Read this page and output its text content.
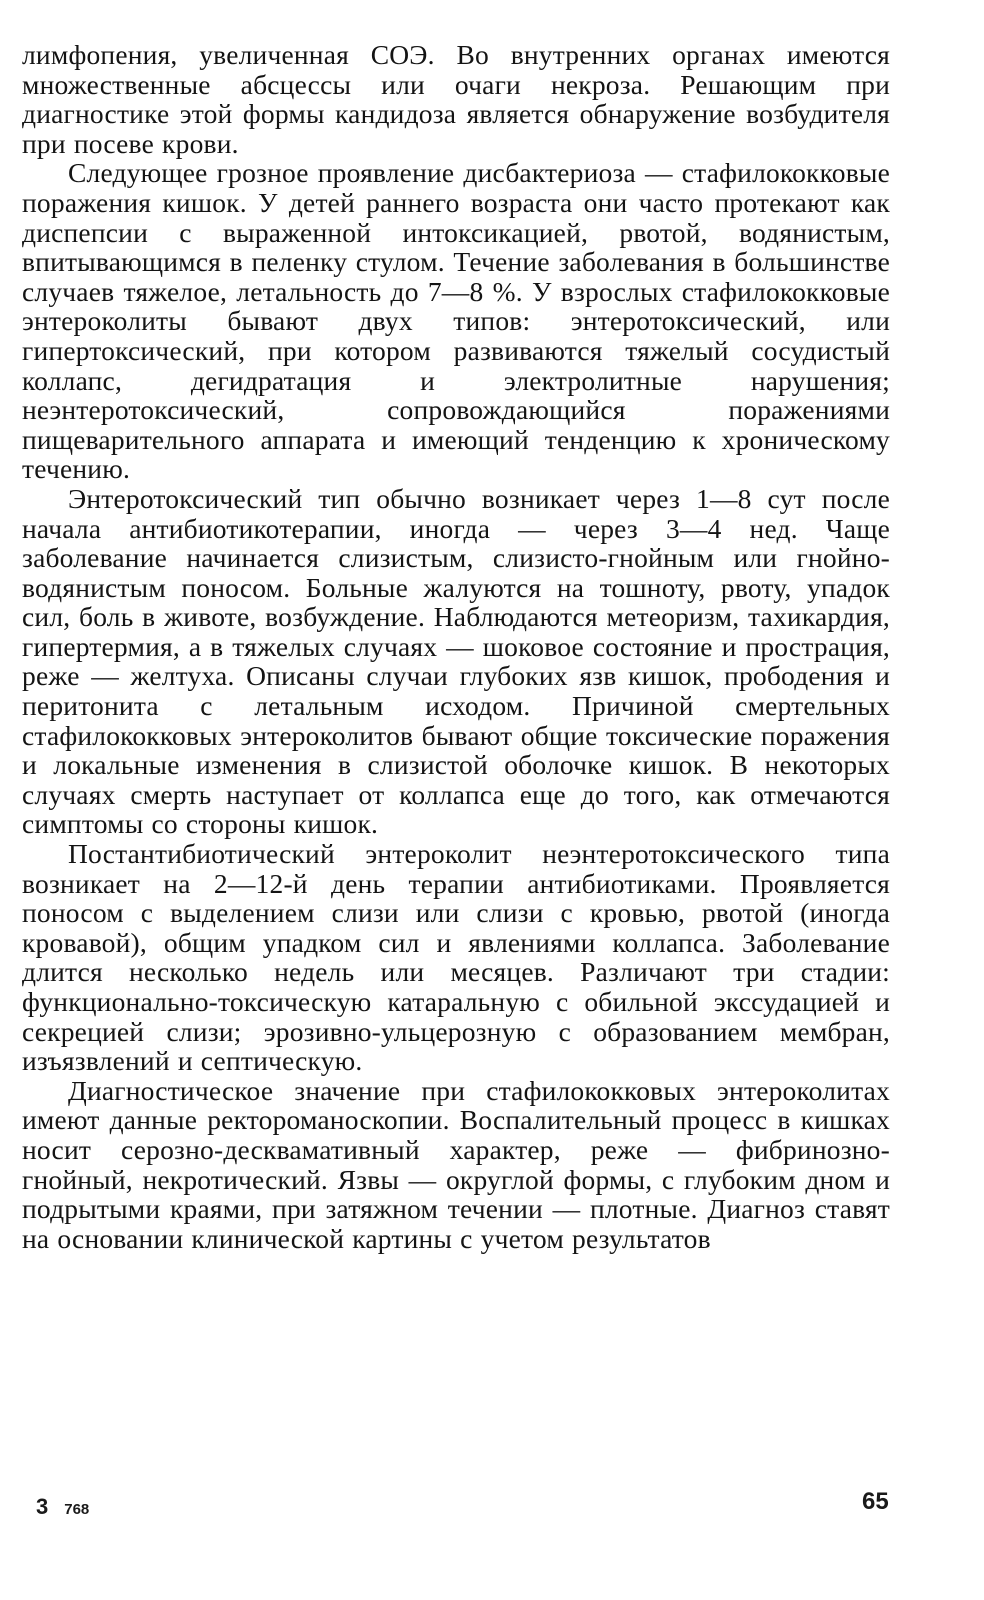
лимфопения, увеличенная СОЭ. Во внутренних органах имеются множественные абсцессы или очаги некроза. Решающим при диагностике этой формы кандидоза является обнаружение возбудителя при посеве крови.

Следующее грозное проявление дисбактериоза — стафилококковые поражения кишок. У детей раннего возраста они часто протекают как диспепсии с выраженной интоксикацией, рвотой, водянистым, впитывающимся в пеленку стулом. Течение заболевания в большинстве случаев тяжелое, летальность до 7—8 %. У взрослых стафилококковые энтероколиты бывают двух типов: энтеротоксический, или гипертоксический, при котором развиваются тяжелый сосудистый коллапс, дегидратация и электролитные нарушения; неэнтеротоксический, сопровождающийся поражениями пищеварительного аппарата и имеющий тенденцию к хроническому течению.

Энтеротоксический тип обычно возникает через 1—8 сут после начала антибиотикотерапии, иногда — через 3—4 нед. Чаще заболевание начинается слизистым, слизисто-гнойным или гнойно-водянистым поносом. Больные жалуются на тошноту, рвоту, упадок сил, боль в животе, возбуждение. Наблюдаются метеоризм, тахикардия, гипертермия, а в тяжелых случаях — шоковое состояние и прострация, реже — желтуха. Описаны случаи глубоких язв кишок, прободения и перитонита с летальным исходом. Причиной смертельных стафилококковых энтероколитов бывают общие токсические поражения и локальные изменения в слизистой оболочке кишок. В некоторых случаях смерть наступает от коллапса еще до того, как отмечаются симптомы со стороны кишок.

Постантибиотический энтероколит неэнтеротоксического типа возникает на 2—12-й день терапии антибиотиками. Проявляется поносом с выделением слизи или слизи с кровью, рвотой (иногда кровавой), общим упадком сил и явлениями коллапса. Заболевание длится несколько недель или месяцев. Различают три стадии: функционально-токсическую катаральную с обильной экссудацией и секрецией слизи; эрозивно-ульцерозную с образованием мембран, изъязвлений и септическую.

Диагностическое значение при стафилококковых энтероколитах имеют данные ректороманоскопии. Воспалительный процесс в кишках носит серозно-десквамативный характер, реже — фибринозно-гнойный, некротический. Язвы — округлой формы, с глубоким дном и подрытыми краями, при затяжном течении — плотные. Диагноз ставят на основании клинической картины с учетом результатов

3 768	65
